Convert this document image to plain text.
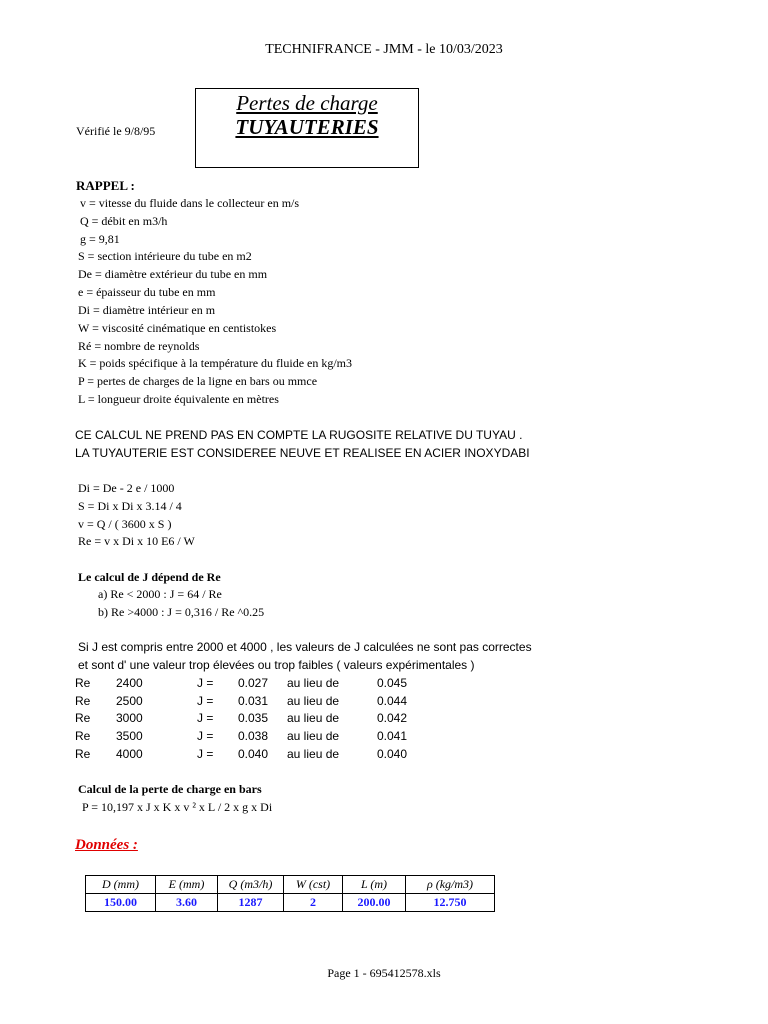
TECHNIFRANCE - JMM - le 10/03/2023
Pertes de charge
TUYAUTERIES
Vérifié le 9/8/95
RAPPEL :
v = vitesse du fluide dans le collecteur en m/s
Q = débit en m3/h
g = 9,81
S = section intérieure du tube en m2
De = diamètre extérieur du tube en mm
e = épaisseur du tube en mm
Di = diamètre intérieur en m
W = viscosité cinématique en centistokes
Ré = nombre de reynolds
K = poids spécifique à la température du fluide en kg/m3
P = pertes de charges de la ligne en bars ou mmce
L = longueur droite équivalente en mètres
CE CALCUL NE PREND PAS EN COMPTE LA RUGOSITE RELATIVE DU TUYAU .
LA TUYAUTERIE EST CONSIDEREE NEUVE ET REALISEE EN ACIER INOXYDABI
Di = De - 2 e / 1000
S = Di x Di x 3.14 / 4
v = Q / ( 3600 x S )
Re = v x Di x 10 E6 / W
Le calcul de J dépend de Re
a) Re < 2000 : J = 64 / Re
b) Re >4000 : J = 0,316 / Re ^0.25
Si J est compris entre 2000 et 4000 , les valeurs de J calculées ne sont pas correctes
et sont d' une valeur trop élevées ou trop faibles ( valeurs expérimentales )
Re 2400	J = 0.027 au lieu de	0.045
Re 2500	J = 0.031 au lieu de	0.044
Re 3000	J = 0.035 au lieu de	0.042
Re 3500	J = 0.038 au lieu de	0.041
Re 4000	J = 0.040 au lieu de	0.040
Calcul de la perte de charge en bars
P = 10,197 x J x K x v ² x L / 2 x g x Di
Données :
D (mm)	E (mm)	Q (m3/h)	W (cst)	L (m)	ρ (kg/m3)
150.00	3.60	1287	2	200.00	12.750
Page 1 - 695412578.xls
